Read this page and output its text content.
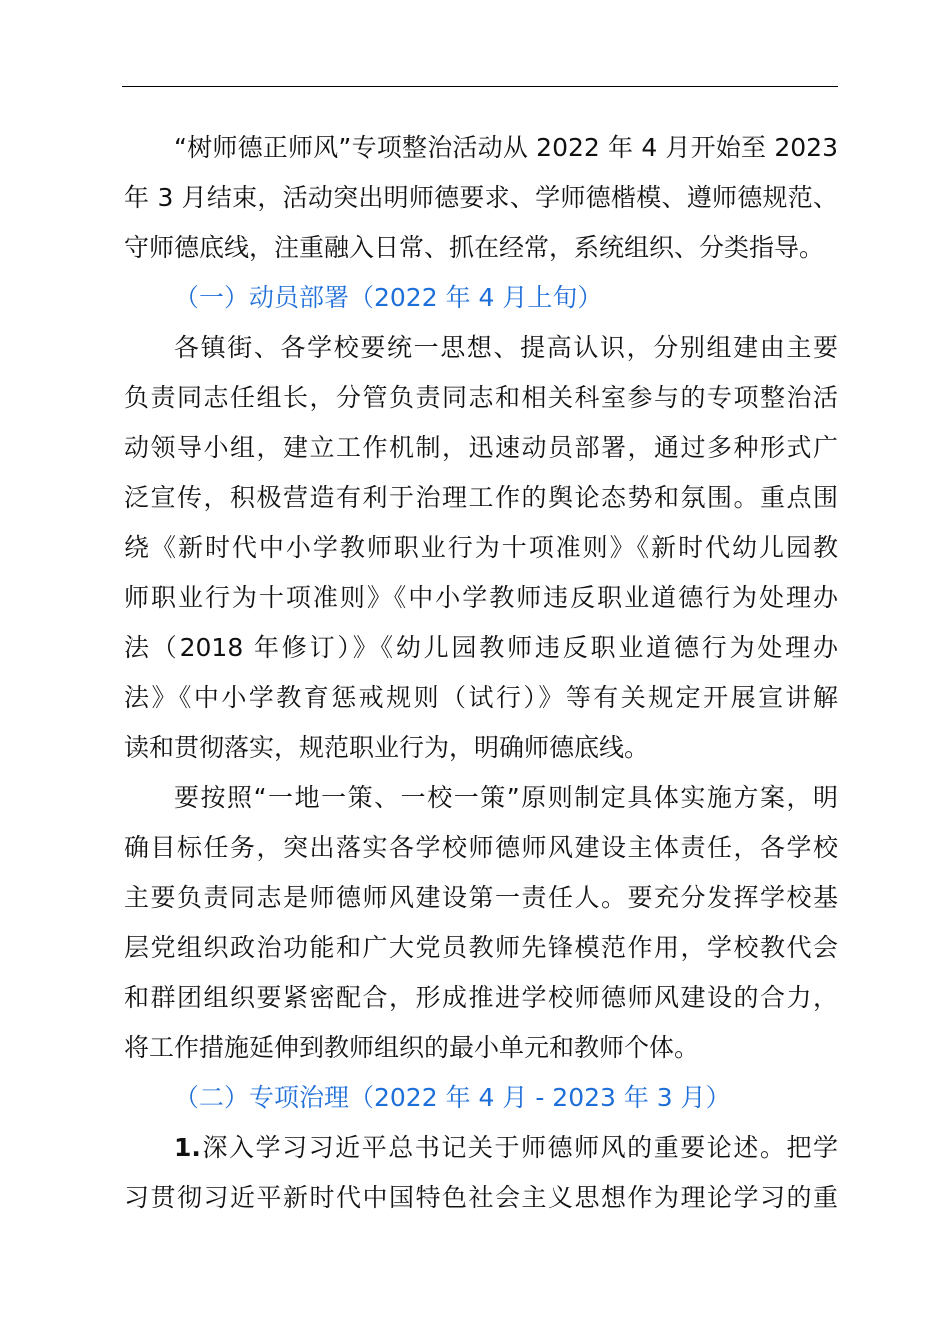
“树师德正师风”专项整治活动从 2022 年 4 月开始至 2023
年 3 月结束，活动突出明师德要求、学师德楷模、遵师德规范、
守师德底线，注重融入日常、抓在经常，系统组织、分类指导。
（一）动员部署（2022 年 4 月上旬）
各镇街、各学校要统一思想、提高认识，分别组建由主要
负责同志任组长，分管负责同志和相关科室参与的专项整治活
动领导小组，建立工作机制，迅速动员部署，通过多种形式广
泛宣传，积极营造有利于治理工作的舆论态势和氛围。重点围
绕《新时代中小学教师职业行为十项准则》《新时代幼儿园教
师职业行为十项准则》《中小学教师违反职业道德行为处理办
法（2018 年修订）》《幼儿园教师违反职业道德行为处理办
法》《中小学教育惩戒规则（试行）》等有关规定开展宣讲解
读和贯彻落实，规范职业行为，明确师德底线。
要按照“一地一策、一校一策”原则制定具体实施方案，明
确目标任务，突出落实各学校师德师风建设主体责任，各学校
主要负责同志是师德师风建设第一责任人。要充分发挥学校基
层党组织政治功能和广大党员教师先锋模范作用，学校教代会
和群团组织要紧密配合，形成推进学校师德师风建设的合力，
将工作措施延伸到教师组织的最小单元和教师个体。
（二）专项治理（2022 年 4 月 - 2023 年 3 月）
1.深入学习习近平总书记关于师德师风的重要论述。把学
习贯彻习近平新时代中国特色社会主义思想作为理论学习的重
